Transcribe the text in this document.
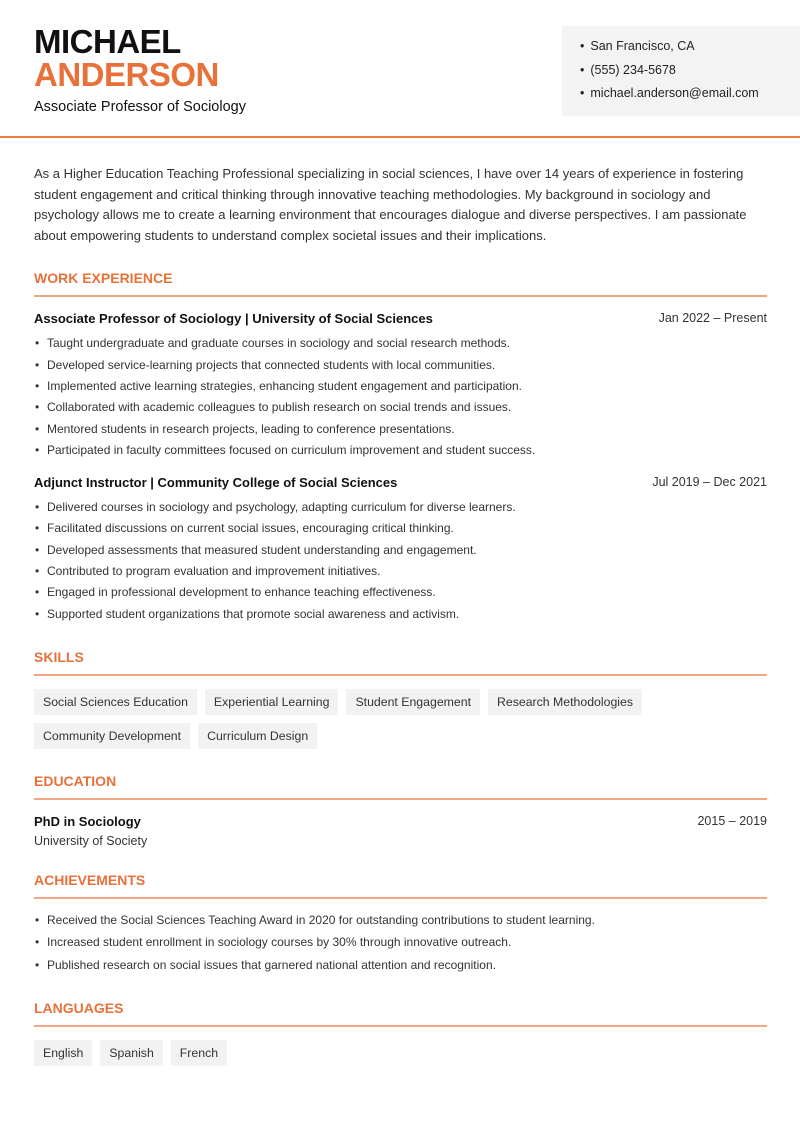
MICHAEL
ANDERSON
Associate Professor of Sociology
• San Francisco, CA
• (555) 234-5678
• michael.anderson@email.com

As a Higher Education Teaching Professional specializing in social sciences, I have over 14 years of experience in fostering student engagement and critical thinking through innovative teaching methodologies. My background in sociology and psychology allows me to create a learning environment that encourages dialogue and diverse perspectives. I am passionate about empowering students to understand complex societal issues and their implications.

WORK EXPERIENCE
Associate Professor of Sociology | University of Social Sciences	Jan 2022 – Present
• Taught undergraduate and graduate courses in sociology and social research methods.
• Developed service-learning projects that connected students with local communities.
• Implemented active learning strategies, enhancing student engagement and participation.
• Collaborated with academic colleagues to publish research on social trends and issues.
• Mentored students in research projects, leading to conference presentations.
• Participated in faculty committees focused on curriculum improvement and student success.
Adjunct Instructor | Community College of Social Sciences	Jul 2019 – Dec 2021
• Delivered courses in sociology and psychology, adapting curriculum for diverse learners.
• Facilitated discussions on current social issues, encouraging critical thinking.
• Developed assessments that measured student understanding and engagement.
• Contributed to program evaluation and improvement initiatives.
• Engaged in professional development to enhance teaching effectiveness.
• Supported student organizations that promote social awareness and activism.
SKILLS
Social Sciences Education	Experiential Learning	Student Engagement	Research Methodologies
Community Development	Curriculum Design
EDUCATION
PhD in Sociology	2015 – 2019
University of Society
ACHIEVEMENTS
• Received the Social Sciences Teaching Award in 2020 for outstanding contributions to student learning.
• Increased student enrollment in sociology courses by 30% through innovative outreach.
• Published research on social issues that garnered national attention and recognition.
LANGUAGES
English	Spanish	French
